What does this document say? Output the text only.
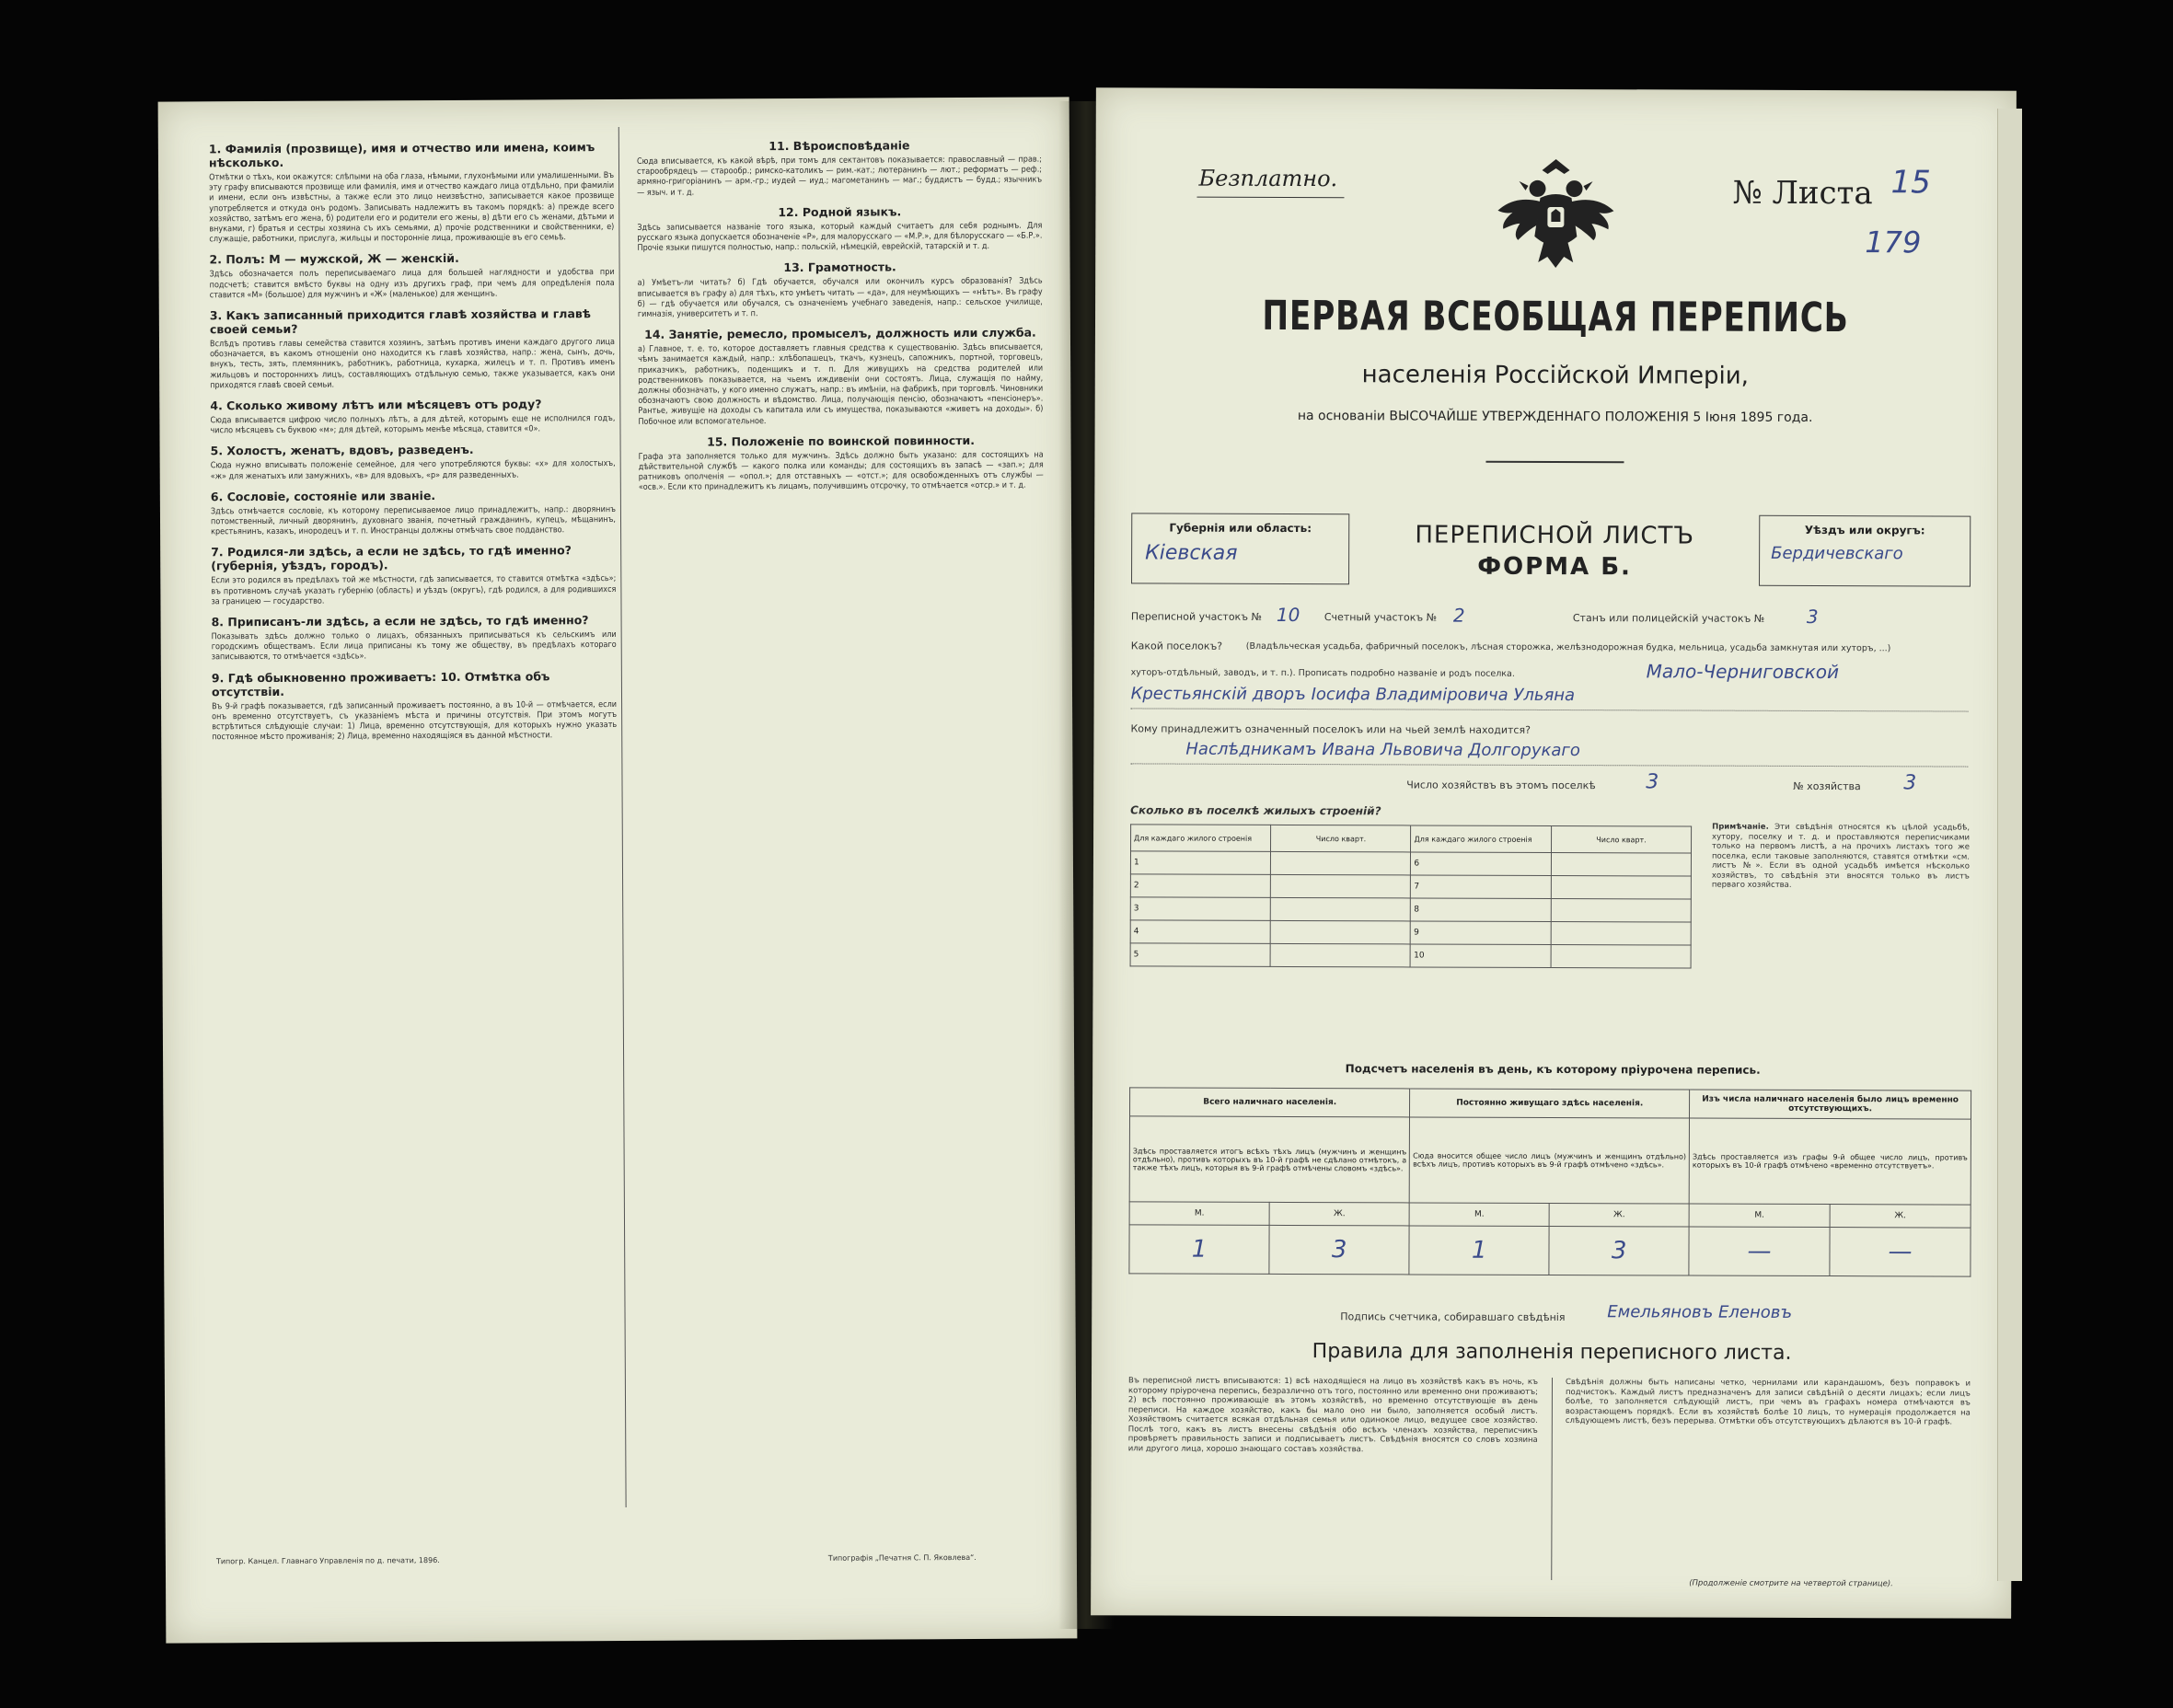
1. Фамилія (прозвище), имя и отчество или имена, коимъ нѣсколько.

Отмѣтки о тѣхъ, кои окажутся: слѣпыми на оба глаза, нѣмыми, глухонѣмыми или умалишенными. Въ эту графу вписываются прозвище или фамилія, имя и отчество каждаго лица отдѣльно, при фамиліи и имени, если онъ извѣстны, а также если это лицо неизвѣстно, записывается какое прозвище употребляется и откуда онъ родомъ. Записывать надлежитъ въ такомъ порядкѣ: а) прежде всего хозяйство, затѣмъ его жена, б) родители его и родители его жены, в) дѣти его съ женами, дѣтьми и внуками, г) братья и сестры хозяина съ ихъ семьями, д) прочіе родственники и свойственники, е) служащіе, работники, прислуга, жильцы и посторонніе лица, проживающіе въ его семьѣ.

2. Полъ: М — мужской, Ж — женскій.

Здѣсь обозначается полъ переписываемаго лица для большей наглядности и удобства при подсчетѣ; ставится вмѣсто буквы на одну изъ другихъ граф, при чемъ для опредѣленія пола ставится «М» (большое) для мужчинъ и «Ж» (маленькое) для женщинъ.

3. Какъ записанный приходится главѣ хозяйства и главѣ своей семьи?

Вслѣдъ противъ главы семейства ставится хозяинъ, затѣмъ противъ имени каждаго другого лица обозначается, въ какомъ отношеніи оно находится къ главѣ хозяйства, напр.: жена, сынъ, дочь, внукъ, тесть, зять, племянникъ, работникъ, работница, кухарка, жилецъ и т. п. Противъ именъ жильцовъ и постороннихъ лицъ, составляющихъ отдѣльную семью, также указывается, какъ они приходятся главѣ своей семьи.

4. Сколько живому лѣтъ или мѣсяцевъ отъ роду?

Сюда вписывается цифрою число полныхъ лѣтъ, а для дѣтей, которымъ еще не исполнился годъ, число мѣсяцевъ съ буквою «м»; для дѣтей, которымъ менѣе мѣсяца, ставится «0».

5. Холостъ, женатъ, вдовъ, разведенъ.

Сюда нужно вписывать положеніе семейное, для чего употребляются буквы: «х» для холостыхъ, «ж» для женатыхъ или замужнихъ, «в» для вдовыхъ, «р» для разведенныхъ.

6. Сословіе, состояніе или званіе.

Здѣсь отмѣчается сословіе, къ которому переписываемое лицо принадлежитъ, напр.: дворянинъ потомственный, личный дворянинъ, духовнаго званія, почетный гражданинъ, купецъ, мѣщанинъ, крестьянинъ, казакъ, инородецъ и т. п. Иностранцы должны отмѣчать свое подданство.

7. Родился-ли здѣсь, а если не здѣсь, то гдѣ именно? (губернія, уѣздъ, городъ).

Если это родился въ предѣлахъ той же мѣстности, гдѣ записывается, то ставится отмѣтка «здѣсь»; въ противномъ случаѣ указать губернію (область) и уѣздъ (округъ), гдѣ родился, а для родившихся за границею — государство.

8. Приписанъ-ли здѣсь, а если не здѣсь, то гдѣ именно?

Показывать здѣсь должно только о лицахъ, обязанныхъ приписываться къ сельскимъ или городскимъ обществамъ. Если лица приписаны къ тому же обществу, въ предѣлахъ котораго записываются, то отмѣчается «здѣсь».

9. Гдѣ обыкновенно проживаетъ: 10. Отмѣтка объ отсутствіи.

Въ 9-й графѣ показывается, гдѣ записанный проживаетъ постоянно, а въ 10-й — отмѣчается, если онъ временно отсутствуетъ, съ указаніемъ мѣста и причины отсутствія. При этомъ могутъ встрѣтиться слѣдующіе случаи: 1) Лица, временно отсутствующія, для которыхъ нужно указать постоянное мѣсто проживанія; 2) Лица, временно находящіяся въ данной мѣстности.

11. Вѣроисповѣданіе

Сюда вписывается, къ какой вѣрѣ, при томъ для сектантовъ показывается: православный — прав.; старообрядецъ — старообр.; римско-католикъ — рим.-кат.; лютеранинъ — лют.; реформатъ — реф.; армяно-григоріанинъ — арм.-гр.; иудей — иуд.; магометанинъ — маг.; буддистъ — будд.; язычникъ — языч. и т. д.

12. Родной языкъ.

Здѣсь записывается названіе того языка, который каждый считаетъ для себя роднымъ. Для русскаго языка допускается обозначеніе «Р», для малорусскаго — «М.Р.», для бѣлорусскаго — «Б.Р.». Прочіе языки пишутся полностью, напр.: польскій, нѣмецкій, еврейскій, татарскій и т. д.

13. Грамотность.

а) Умѣетъ-ли читать? б) Гдѣ обучается, обучался или окончилъ курсъ образованія? Здѣсь вписывается въ графу а) для тѣхъ, кто умѣетъ читать — «да», для неумѣющихъ — «нѣтъ». Въ графу б) — гдѣ обучается или обучался, съ означеніемъ учебнаго заведенія, напр.: сельское училище, гимназія, университетъ и т. п.

14. Занятіе, ремесло, промыселъ, должность или служба.

а) Главное, т. е. то, которое доставляетъ главныя средства к существованію. Здѣсь вписывается, чѣмъ занимается каждый, напр.: хлѣбопашецъ, ткачъ, кузнецъ, сапожникъ, портной, торговецъ, приказчикъ, работникъ, поденщикъ и т. п. Для живущихъ на средства родителей или родственниковъ показывается, на чьемъ иждивеніи они состоятъ. Лица, служащія по найму, должны обозначать, у кого именно служатъ, напр.: въ имѣніи, на фабрикѣ, при торговлѣ. Чиновники обозначаютъ свою должность и вѣдомство. Лица, получающія пенсію, обозначаютъ «пенсіонеръ». Рантье, живущіе на доходы съ капитала или съ имущества, показываются «живетъ на доходы». б) Побочное или вспомогательное.

15. Положеніе по воинской повинности.

Графа эта заполняется только для мужчинъ. Здѣсь должно быть указано: для состоящихъ на дѣйствительной службѣ — какого полка или команды; для состоящихъ въ запасѣ — «зап.»; для ратниковъ ополченія — «опол.»; для отставныхъ — «отст.»; для освобожденныхъ отъ службы — «осв.». Если кто принадлежитъ къ лицамъ, получившимъ отсрочку, то отмѣчается «отср.» и т. д.

Типогр. Канцел. Главнаго Управленія по д. печати, 1896.	Типографія „Печатня С. П. Яковлева“.
Безплатно.	№ Листа 15
179
ПЕРВАЯ ВСЕОБЩАЯ ПЕРЕПИСЬ
населенія Россійской Имперіи,
на основаніи ВЫСОЧАЙШЕ УТВЕРЖДЕННАГО ПОЛОЖЕНІЯ 5 Іюня 1895 года.
Губернія или область:
Кіевская
ПЕРЕПИСНОЙ ЛИСТЪ
ФОРМА Б.
Уѣздъ или округъ:
Бердичевскаго
Переписной участокъ № 10 Счетный участокъ № 2	Станъ или полицейскій участокъ № 3
Какой поселокъ?	(Владѣльческая усадьба, фабричный поселокъ, лѣсная сторожка, желѣзнодорожная будка, мельница, усадьба замкнутая или хуторъ, ...)
хуторъ-отдѣльный, заводъ, и т. п.). Прописать подробно названіе и родъ поселка.	Мало-Черниговской
Крестьянскій дворъ Іосифа Владиміровича Ульяна
Кому принадлежитъ означенный поселокъ или на чьей землѣ находится?
Наслѣдникамъ Ивана Львовича Долгорукаго
Число хозяйствъ въ этомъ поселкѣ 3	№ хозяйства 3
Сколько въ поселкѣ жилыхъ строеній?
Для каждаго жилого строенія	Число кварт.	Для каждаго жилого строенія	Число кварт.
1		6	
2		7	
3		8	
4		9	
5		10	
Примѣчаніе. Эти свѣдѣнія относятся къ цѣлой усадьбѣ, хутору, поселку и т. д. и проставляются переписчиками только на первомъ листѣ, а на прочихъ листахъ того же поселка, если таковые заполняются, ставятся отмѣтки «см. листъ №». Если въ одной усадьбѣ имѣется нѣсколько хозяйствъ, то свѣдѣнія эти вносятся только въ листъ перваго хозяйства.
Подсчетъ населенія въ день, къ которому пріурочена перепись.
Всего наличнаго населенія.		Постоянно живущаго здѣсь населенія.		Изъ числа наличнаго населенія было лицъ временно отсутствующихъ.	
Здѣсь проставляется итогъ всѣхъ тѣхъ лицъ (мужчинъ и женщинъ отдѣльно), противъ которыхъ въ 10-й графѣ не сдѣлано отмѣтокъ, а также тѣхъ лицъ, которыя въ 9-й графѣ отмѣчены словомъ «здѣсь».		Сюда вносится общее число лицъ (мужчинъ и женщинъ отдѣльно) всѣхъ лицъ, противъ которыхъ въ 9-й графѣ отмѣчено «здѣсь».		Здѣсь проставляется изъ графы 9-й общее число лицъ, противъ которыхъ въ 10-й графѣ отмѣчено «временно отсутствуетъ».	
М.	Ж.	М.	Ж.	М.	Ж.
1	3	1	3	—	—
Подпись счетчика, собиравшаго свѣдѣнія	Емельяновъ Еленовъ
Правила для заполненія переписного листа.
Въ переписной листъ вписываются: 1) всѣ находящіеся на лицо въ хозяйствѣ какъ въ ночь, къ которому пріурочена перепись, безразлично отъ того, постоянно или временно они проживаютъ; 2) всѣ постоянно проживающіе въ этомъ хозяйствѣ, но временно отсутствующіе въ день переписи. На каждое хозяйство, какъ бы мало оно ни было, заполняется особый листъ. Хозяйствомъ считается всякая отдѣльная семья или одинокое лицо, ведущее свое хозяйство. Послѣ того, какъ въ листъ внесены свѣдѣнія обо всѣхъ членахъ хозяйства, переписчикъ провѣряетъ правильность записи и подписываетъ листъ. Свѣдѣнія вносятся со словъ хозяина или другого лица, хорошо знающаго составъ хозяйства.
Свѣдѣнія должны быть написаны четко, чернилами или карандашомъ, безъ поправокъ и подчистокъ. Каждый листъ предназначенъ для записи свѣдѣній о десяти лицахъ; если лицъ болѣе, то заполняется слѣдующій листъ, при чемъ въ графахъ номера отмѣчаются въ возрастающемъ порядкѣ. Если въ хозяйствѣ болѣе 10 лицъ, то нумерація продолжается на слѣдующемъ листѣ, безъ перерыва. Отмѣтки объ отсутствующихъ дѣлаются въ 10-й графѣ.
(Продолженіе смотрите на четвертой странице).
